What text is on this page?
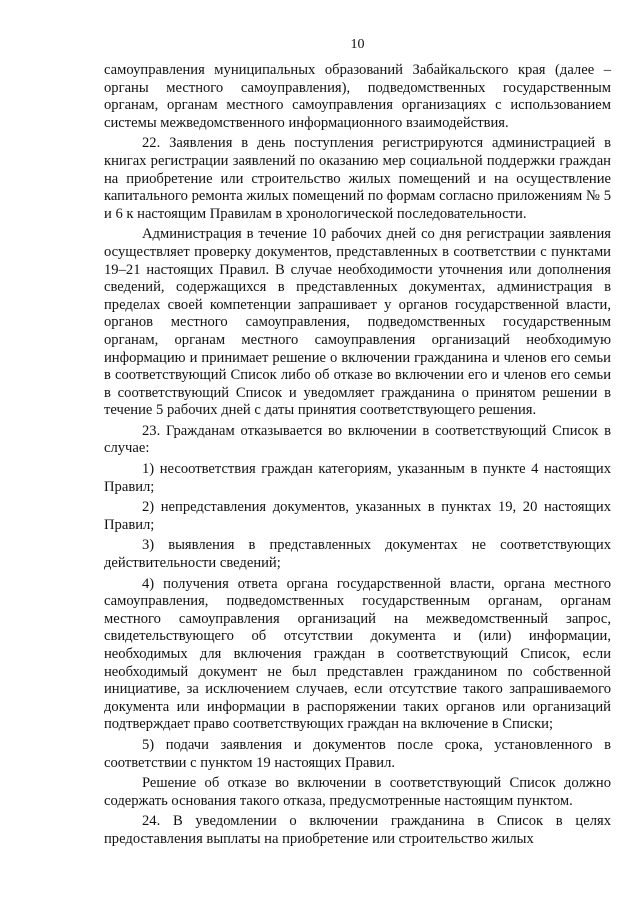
10

самоуправления муниципальных образований Забайкальского края (далее – органы местного самоуправления), подведомственных государственным органам, органам местного самоуправления организациях с использованием системы межведомственного информационного взаимодействия.

22. Заявления в день поступления регистрируются администрацией в книгах регистрации заявлений по оказанию мер социальной поддержки граждан на приобретение или строительство жилых помещений и на осуществление капитального ремонта жилых помещений по формам согласно приложениям № 5 и 6 к настоящим Правилам в хронологической последовательности.

Администрация в течение 10 рабочих дней со дня регистрации заявления осуществляет проверку документов, представленных в соответствии с пунктами 19–21 настоящих Правил. В случае необходимости уточнения или дополнения сведений, содержащихся в представленных документах, администрация в пределах своей компетенции запрашивает у органов государственной власти, органов местного самоуправления, подведомственных государственным органам, органам местного самоуправления организаций необходимую информацию и принимает решение о включении гражданина и членов его семьи в соответствующий Список либо об отказе во включении его и членов его семьи в соответствующий Список и уведомляет гражданина о принятом решении в течение 5 рабочих дней с даты принятия соответствующего решения.

23. Гражданам отказывается во включении в соответствующий Список в случае:

1) несоответствия граждан категориям, указанным в пункте 4 настоящих Правил;

2) непредставления документов, указанных в пунктах 19, 20 настоящих Правил;

3) выявления в представленных документах не соответствующих действительности сведений;

4) получения ответа органа государственной власти, органа местного самоуправления, подведомственных государственным органам, органам местного самоуправления организаций на межведомственный запрос, свидетельствующего об отсутствии документа и (или) информации, необходимых для включения граждан в соответствующий Список, если необходимый документ не был представлен гражданином по собственной инициативе, за исключением случаев, если отсутствие такого запрашиваемого документа или информации в распоряжении таких органов или организаций подтверждает право соответствующих граждан на включение в Списки;

5) подачи заявления и документов после срока, установленного в соответствии с пунктом 19 настоящих Правил.

Решение об отказе во включении в соответствующий Список должно содержать основания такого отказа, предусмотренные настоящим пунктом.

24. В уведомлении о включении гражданина в Список в целях предоставления выплаты на приобретение или строительство жилых
